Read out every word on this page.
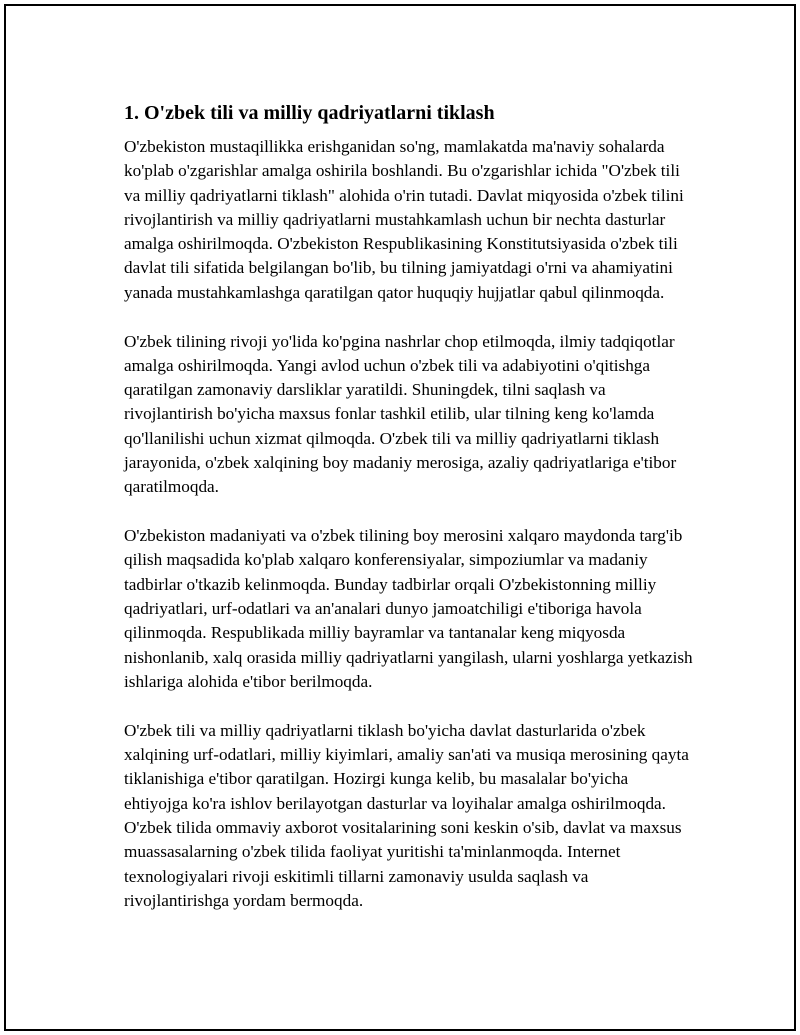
1. O'zbek tili va milliy qadriyatlarni tiklash

O'zbekiston mustaqillikka erishganidan so'ng, mamlakatda ma'naviy sohalarda ko'plab o'zgarishlar amalga oshirila boshlandi. Bu o'zgarishlar ichida "O'zbek tili va milliy qadriyatlarni tiklash" alohida o'rin tutadi. Davlat miqyosida o'zbek tilini rivojlantirish va milliy qadriyatlarni mustahkamlash uchun bir nechta dasturlar amalga oshirilmoqda. O'zbekiston Respublikasining Konstitutsiyasida o'zbek tili davlat tili sifatida belgilangan bo'lib, bu tilning jamiyatdagi o'rni va ahamiyatini yanada mustahkamlashga qaratilgan qator huquqiy hujjatlar qabul qilinmoqda.

O'zbek tilining rivoji yo'lida ko'pgina nashrlar chop etilmoqda, ilmiy tadqiqotlar amalga oshirilmoqda. Yangi avlod uchun o'zbek tili va adabiyotini o'qitishga qaratilgan zamonaviy darsliklar yaratildi. Shuningdek, tilni saqlash va rivojlantirish bo'yicha maxsus fonlar tashkil etilib, ular tilning keng ko'lamda qo'llanilishi uchun xizmat qilmoqda. O'zbek tili va milliy qadriyatlarni tiklash jarayonida, o'zbek xalqining boy madaniy merosiga, azaliy qadriyatlariga e'tibor qaratilmoqda.

O'zbekiston madaniyati va o'zbek tilining boy merosini xalqaro maydonda targ'ib qilish maqsadida ko'plab xalqaro konferensiyalar, simpoziumlar va madaniy tadbirlar o'tkazib kelinmoqda. Bunday tadbirlar orqali O'zbekistonning milliy qadriyatlari, urf-odatlari va an'analari dunyo jamoatchiligi e'tiboriga havola qilinmoqda. Respublikada milliy bayramlar va tantanalar keng miqyosda nishonlanib, xalq orasida milliy qadriyatlarni yangilash, ularni yoshlarga yetkazish ishlariga alohida e'tibor berilmoqda.

O'zbek tili va milliy qadriyatlarni tiklash bo'yicha davlat dasturlarida o'zbek xalqining urf-odatlari, milliy kiyimlari, amaliy san'ati va musiqa merosining qayta tiklanishiga e'tibor qaratilgan. Hozirgi kunga kelib, bu masalalar bo'yicha ehtiyojga ko'ra ishlov berilayotgan dasturlar va loyihalar amalga oshirilmoqda. O'zbek tilida ommaviy axborot vositalarining soni keskin o'sib, davlat va maxsus muassasalarning o'zbek tilida faoliyat yuritishi ta'minlanmoqda. Internet texnologiyalari rivoji eskitimli tillarni zamonaviy usulda saqlash va rivojlantirishga yordam bermoqda.
